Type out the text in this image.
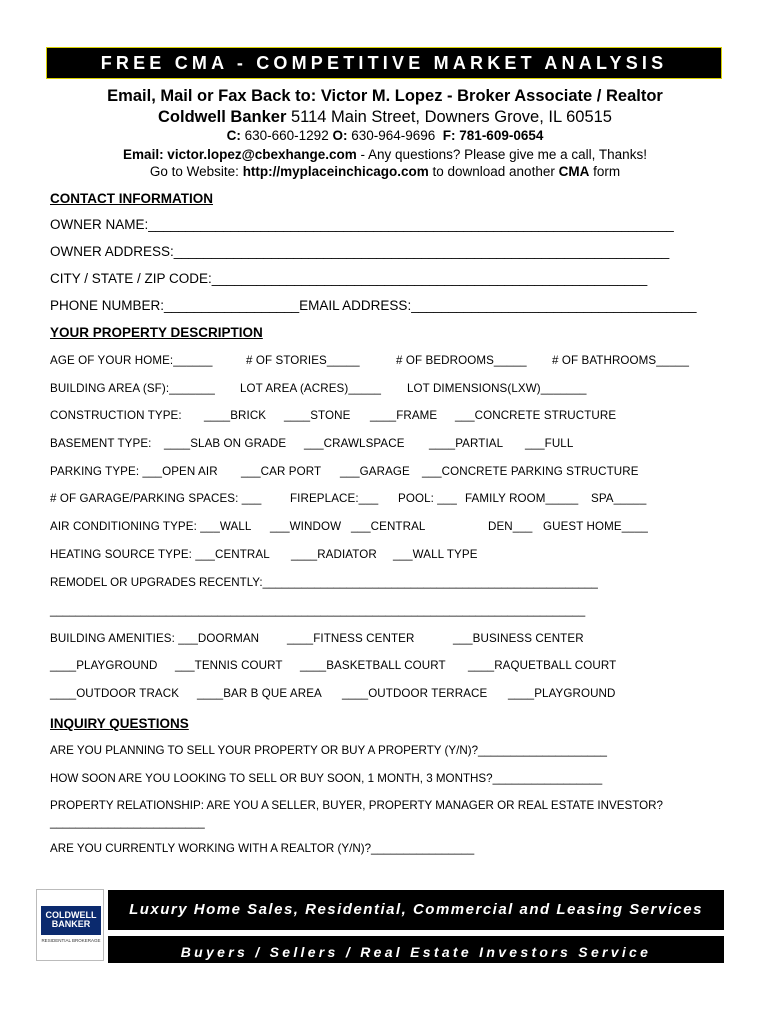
FREE CMA - COMPETITIVE MARKET ANALYSIS
Email, Mail or Fax Back to: Victor M. Lopez - Broker Associate / Realtor
Coldwell Banker 5114 Main Street, Downers Grove, IL 60515
C: 630-660-1292 O: 630-964-9696  F: 781-609-0654
Email: victor.lopez@cbexhange.com - Any questions? Please give me a call, Thanks!
Go to Website: http://myplaceinchicago.com to download another CMA form
CONTACT INFORMATION
OWNER NAME:______________________________________________________________________
OWNER ADDRESS:__________________________________________________________________
CITY / STATE / ZIP CODE:__________________________________________________________
PHONE NUMBER:__________________EMAIL ADDRESS:______________________________________
YOUR PROPERTY DESCRIPTION
AGE OF YOUR HOME:______	# OF STORIES_____	# OF BEDROOMS_____ # OF BATHROOMS_____
BUILDING AREA (SF):_______ LOT AREA (ACRES)_____ LOT DIMENSIONS(LXW)_______
CONSTRUCTION TYPE: ____BRICK ____STONE ____FRAME ___CONCRETE STRUCTURE
BASEMENT TYPE: ____SLAB ON GRADE ___CRAWLSPACE ____PARTIAL ___FULL
PARKING TYPE: ___OPEN AIR ___CAR PORT ___GARAGE ___CONCRETE PARKING STRUCTURE
# OF GARAGE/PARKING SPACES: ___ FIREPLACE:___ POOL: ___ FAMILY ROOM_____ SPA_____
AIR CONDITIONING TYPE: ___WALL ___WINDOW ___CENTRAL	DEN___ GUEST HOME____
HEATING SOURCE TYPE: ___CENTRAL ____RADIATOR ___WALL TYPE
REMODEL OR UPGRADES RECENTLY:____________________________________________________
___________________________________________________________________________________
BUILDING AMENITIES: ___DOORMAN ____FITNESS CENTER	___BUSINESS CENTER
____PLAYGROUND ___TENNIS COURT ____BASKETBALL COURT ____RAQUETBALL COURT
____OUTDOOR TRACK ____BAR B QUE AREA ____OUTDOOR TERRACE ____PLAYGROUND
INQUIRY QUESTIONS
ARE YOU PLANNING TO SELL YOUR PROPERTY OR BUY A PROPERTY (Y/N)?____________________
HOW SOON ARE YOU LOOKING TO SELL OR BUY SOON, 1 MONTH, 3 MONTHS?_________________
PROPERTY RELATIONSHIP: ARE YOU A SELLER, BUYER, PROPERTY MANAGER OR REAL ESTATE INVESTOR?
________________________
ARE YOU CURRENTLY WORKING WITH A REALTOR (Y/N)?________________
COLDWELL
BANKER
RESIDENTIAL BROKERAGE
Luxury Home Sales, Residential, Commercial and Leasing Services
Buyers / Sellers / Real Estate Investors Service
